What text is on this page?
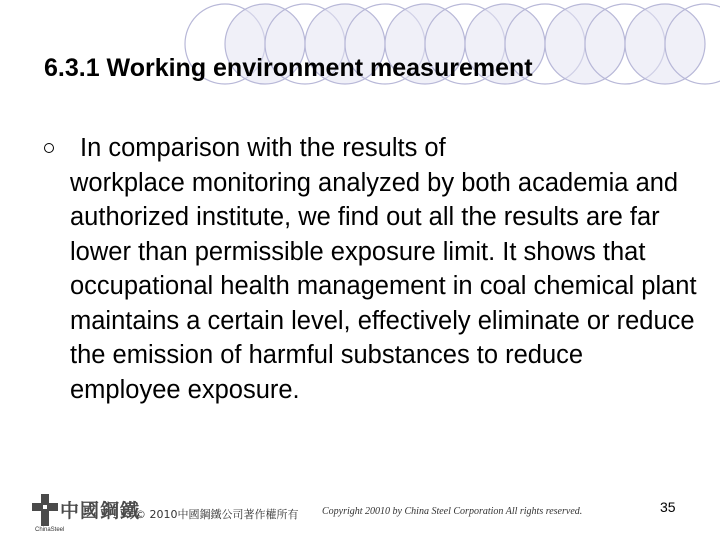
6.3.1 Working environment measurement
In comparison with the results of
workplace monitoring analyzed by both academia and authorized institute, we find out all the results are far lower than permissible exposure limit. It shows that occupational health management in coal chemical plant maintains a certain level, effectively eliminate or reduce the emission of harmful substances to reduce employee exposure.
中國鋼鐵
ChinaSteel
© 2010中國鋼鐵公司著作權所有 Copyright 20010 by China Steel Corporation All rights reserved.	35
